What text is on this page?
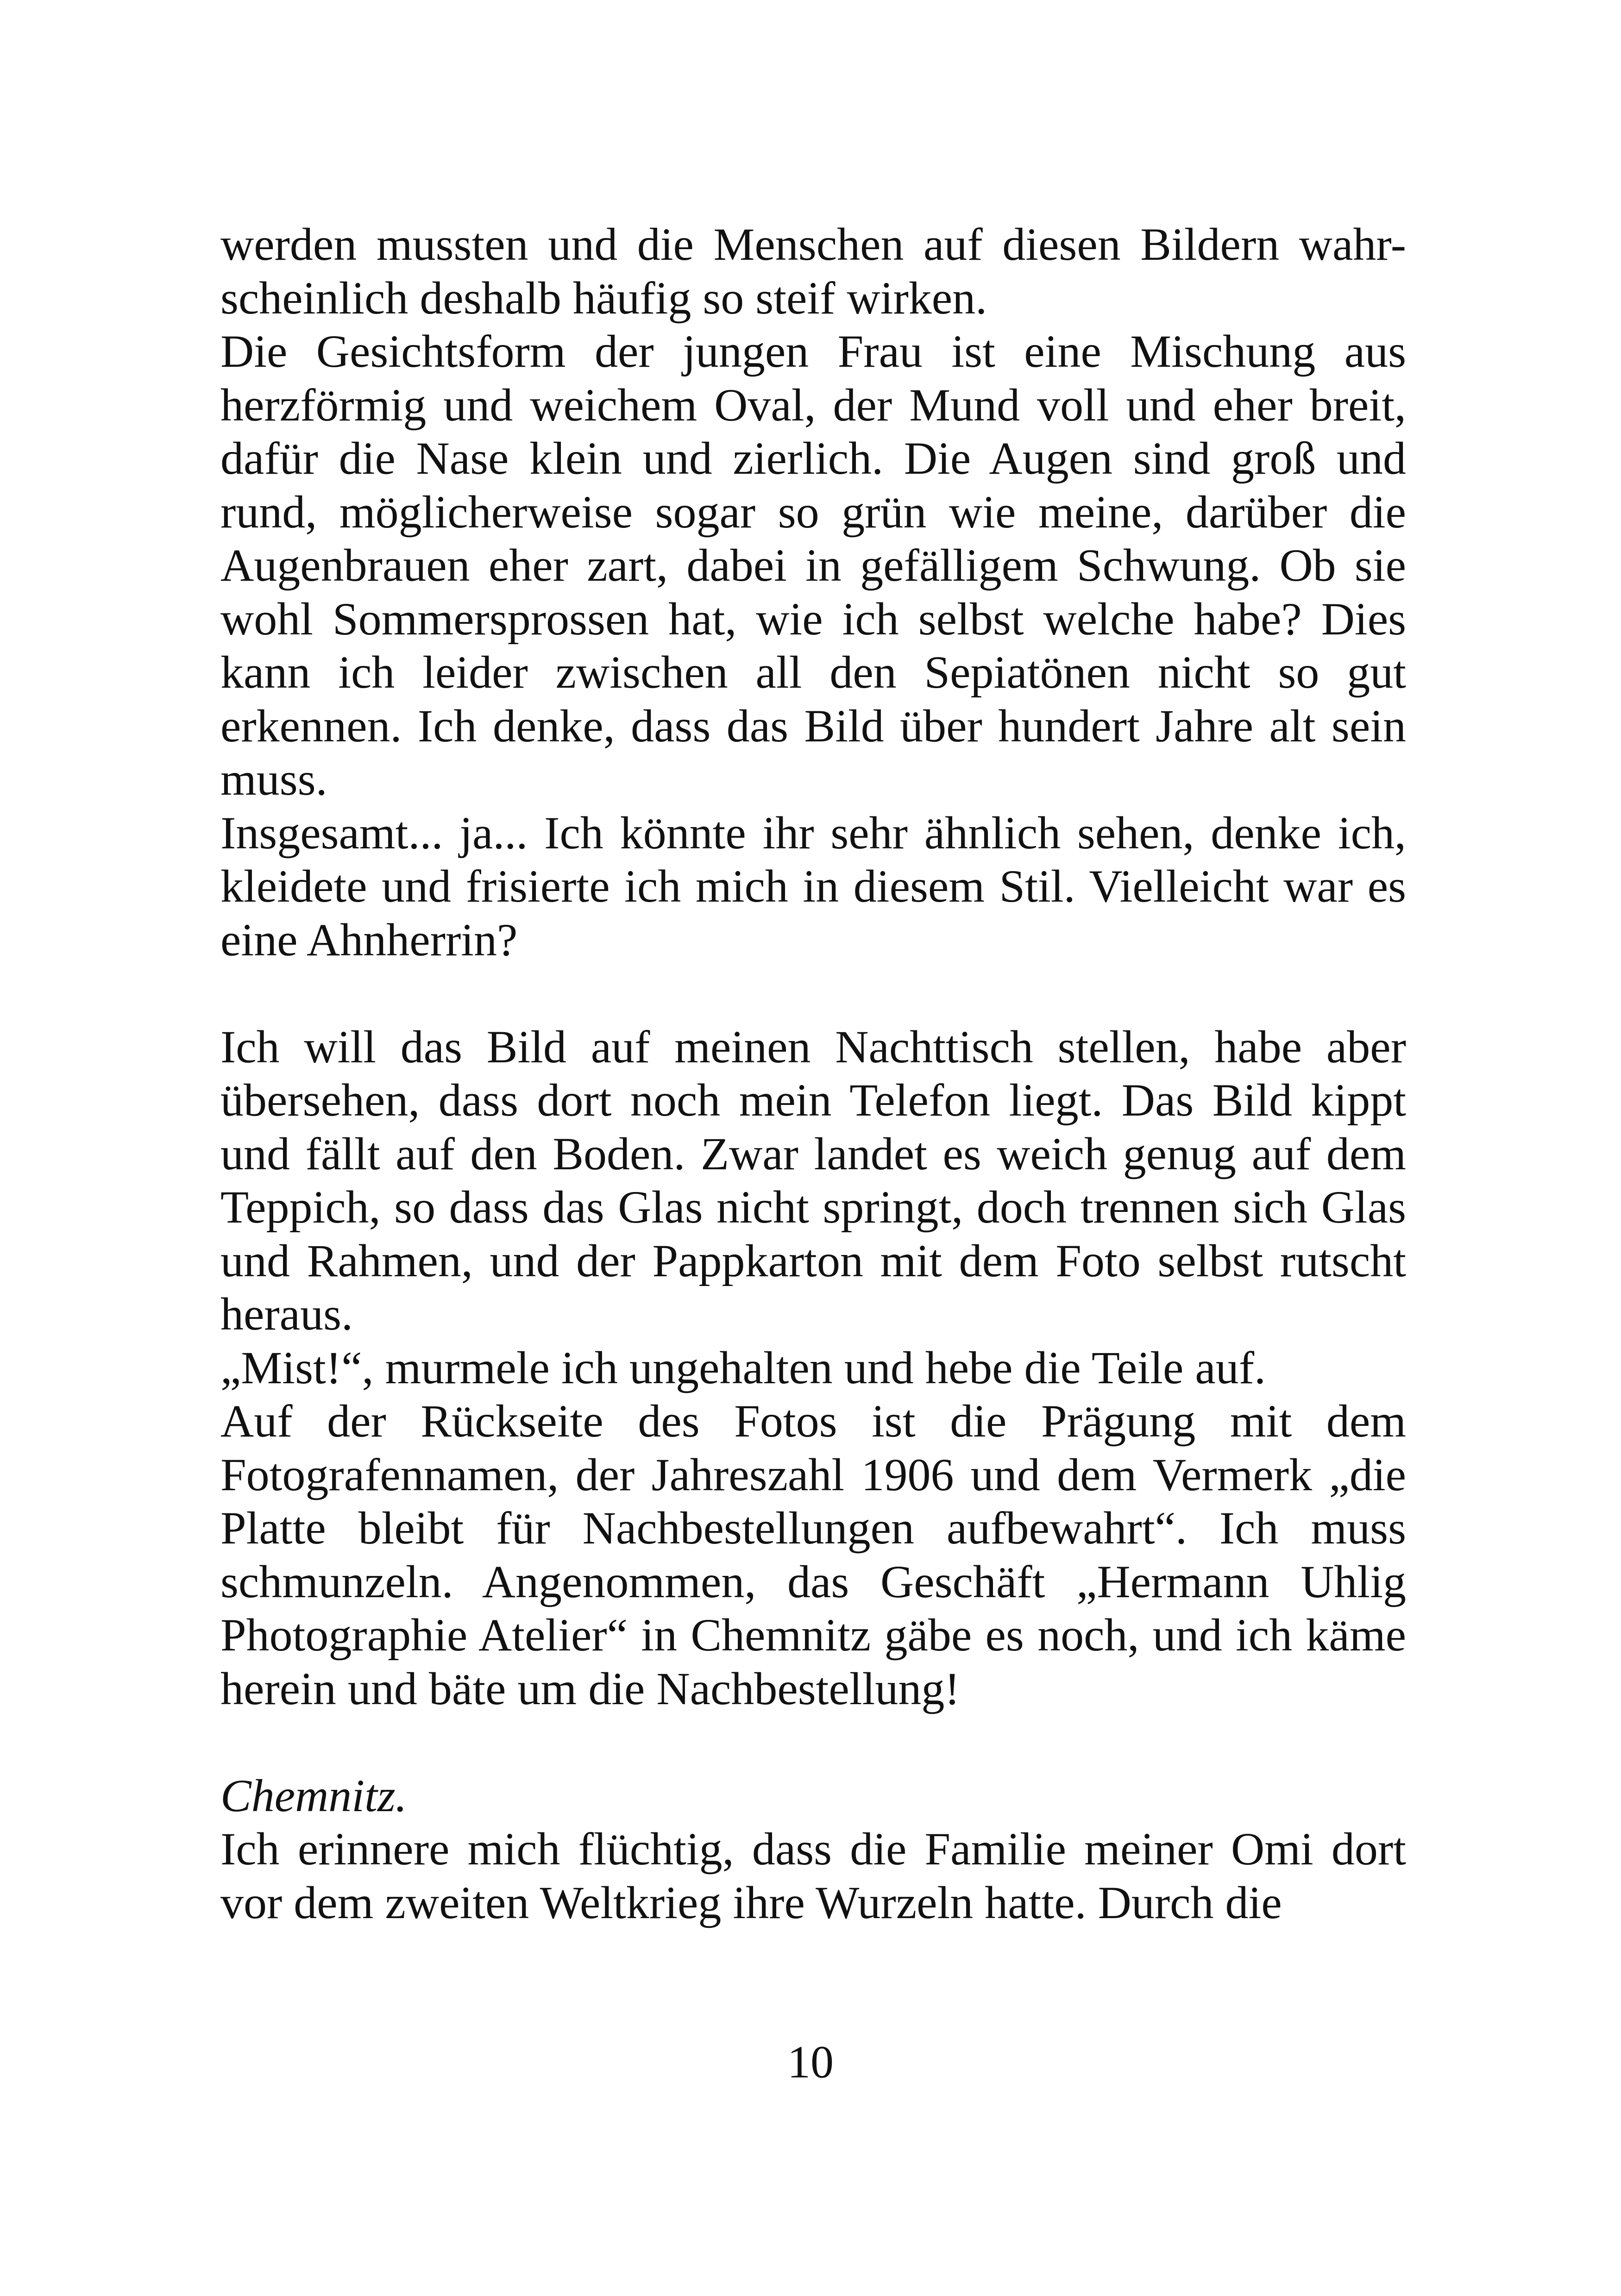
werden mussten und die Menschen auf diesen Bildern wahr-scheinlich deshalb häufig so steif wirken.

Die Gesichtsform der jungen Frau ist eine Mischung aus herzförmig und weichem Oval, der Mund voll und eher breit, dafür die Nase klein und zierlich. Die Augen sind groß und rund, möglicherweise sogar so grün wie meine, darüber die Augenbrauen eher zart, dabei in gefälligem Schwung. Ob sie wohl Sommersprossen hat, wie ich selbst welche habe? Dies kann ich leider zwischen all den Sepiatönen nicht so gut erkennen. Ich denke, dass das Bild über hundert Jahre alt sein muss.

Insgesamt... ja... Ich könnte ihr sehr ähnlich sehen, denke ich, kleidete und frisierte ich mich in diesem Stil. Vielleicht war es eine Ahnherrin?

Ich will das Bild auf meinen Nachttisch stellen, habe aber übersehen, dass dort noch mein Telefon liegt. Das Bild kippt und fällt auf den Boden. Zwar landet es weich genug auf dem Teppich, so dass das Glas nicht springt, doch trennen sich Glas und Rahmen, und der Pappkarton mit dem Foto selbst rutscht heraus.

„Mist!“, murmele ich ungehalten und hebe die Teile auf.

Auf der Rückseite des Fotos ist die Prägung mit dem Fotografennamen, der Jahreszahl 1906 und dem Vermerk „die Platte bleibt für Nachbestellungen aufbewahrt“. Ich muss schmunzeln. Angenommen, das Geschäft „Hermann Uhlig Photographie Atelier“ in Chemnitz gäbe es noch, und ich käme herein und bäte um die Nachbestellung!

Chemnitz.

Ich erinnere mich flüchtig, dass die Familie meiner Omi dort vor dem zweiten Weltkrieg ihre Wurzeln hatte. Durch die

10
